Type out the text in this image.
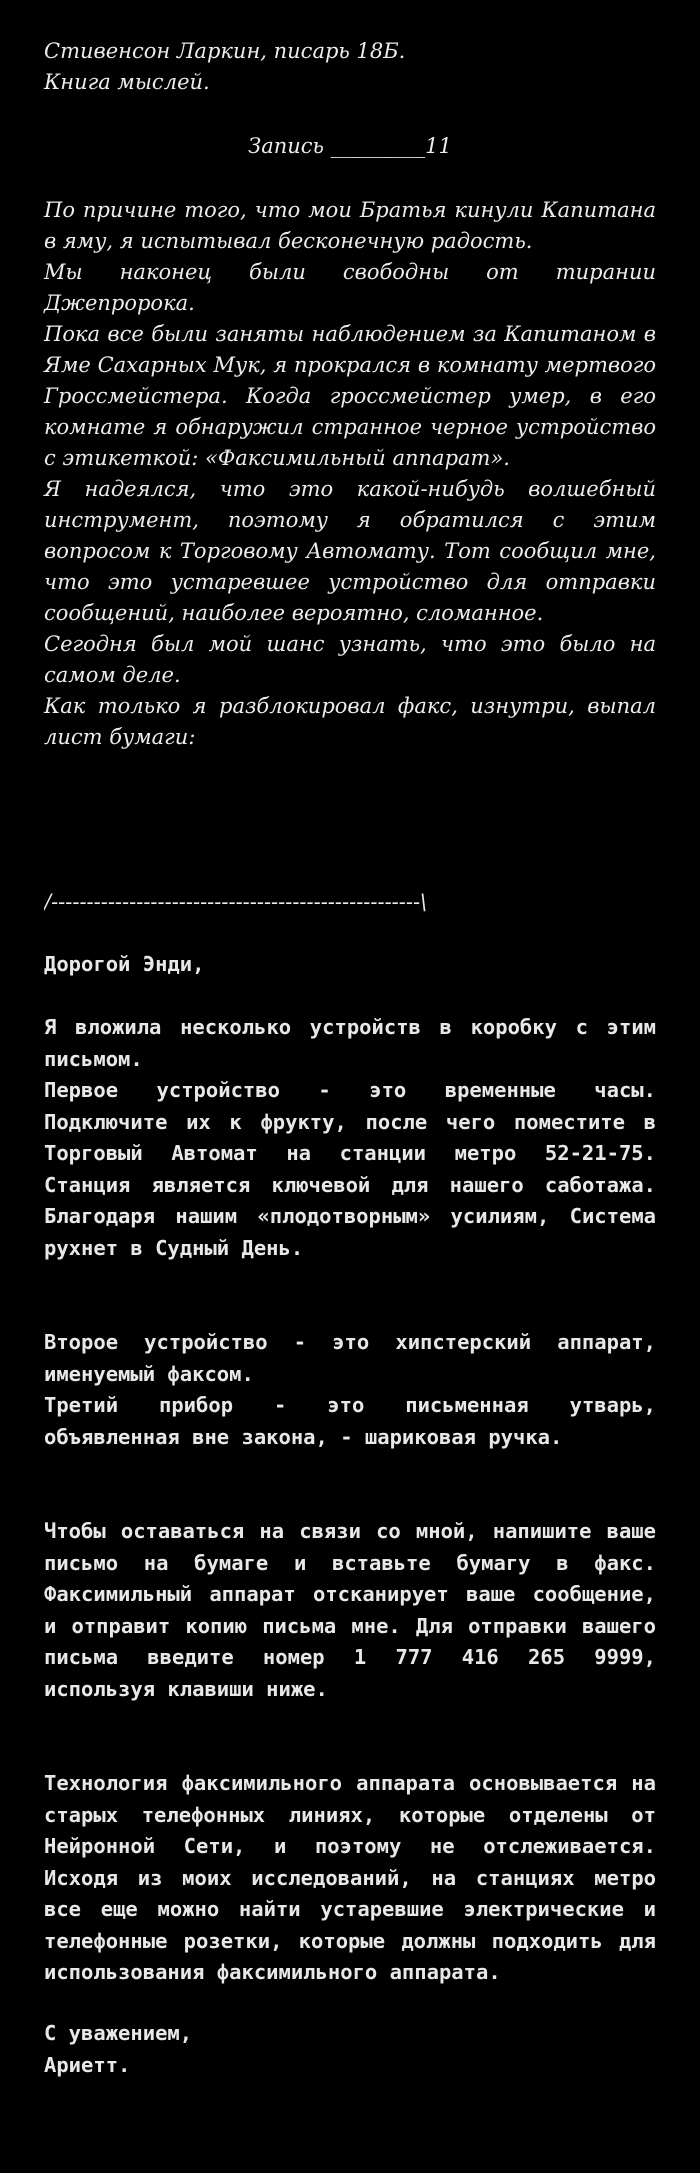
Стивенсон Ларкин, писарь 18Б.

Книга мыслей.

Запись _________11

По причине того, что мои Братья кинули Капитана в яму, я испытывал бесконечную радость.

Мы наконец были свободны от тирании Джепророка.

Пока все были заняты наблюдением за Капитаном в Яме Сахарных Мук, я прокрался в комнату мертвого Гроссмейстера. Когда гроссмейстер умер, в его комнате я обнаружил странное черное устройство с этикеткой: «Факсимильный аппарат».

Я надеялся, что это какой-нибудь волшебный инструмент, поэтому я обратился с этим вопросом к Торговому Автомату. Тот сообщил мне, что это устаревшее устройство для отправки сообщений, наиболее вероятно, сломанное.

Сегодня был мой шанс узнать, что это было на самом деле.

Как только я разблокировал факс, изнутри, выпал лист бумаги:

/----------------------------------------------------\
Дорогой Энди,

Я вложила несколько устройств в коробку с этим письмом.

Первое устройство - это временные часы. Подключите их к фрукту, после чего поместите в Торговый Автомат на станции метро 52-21-75. Станция является ключевой для нашего саботажа. Благодаря нашим «плодотворным» усилиям, Система рухнет в Судный День.

Второе устройство - это хипстерский аппарат, именуемый факсом.

Третий прибор - это письменная утварь, объявленная вне закона, - шариковая ручка.

Чтобы оставаться на связи со мной, напишите ваше письмо на бумаге и вставьте бумагу в факс. Факсимильный аппарат отсканирует ваше сообщение, и отправит копию письма мне. Для отправки вашего письма введите номер 1 777 416 265 9999, используя клавиши ниже.

Технология факсимильного аппарата основывается на старых телефонных линиях, которые отделены от Нейронной Сети, и поэтому не отслеживается. Исходя из моих исследований, на станциях метро все еще можно найти устаревшие электрические и телефонные розетки, которые должны подходить для использования факсимильного аппарата.

С уважением,

Ариетт.
